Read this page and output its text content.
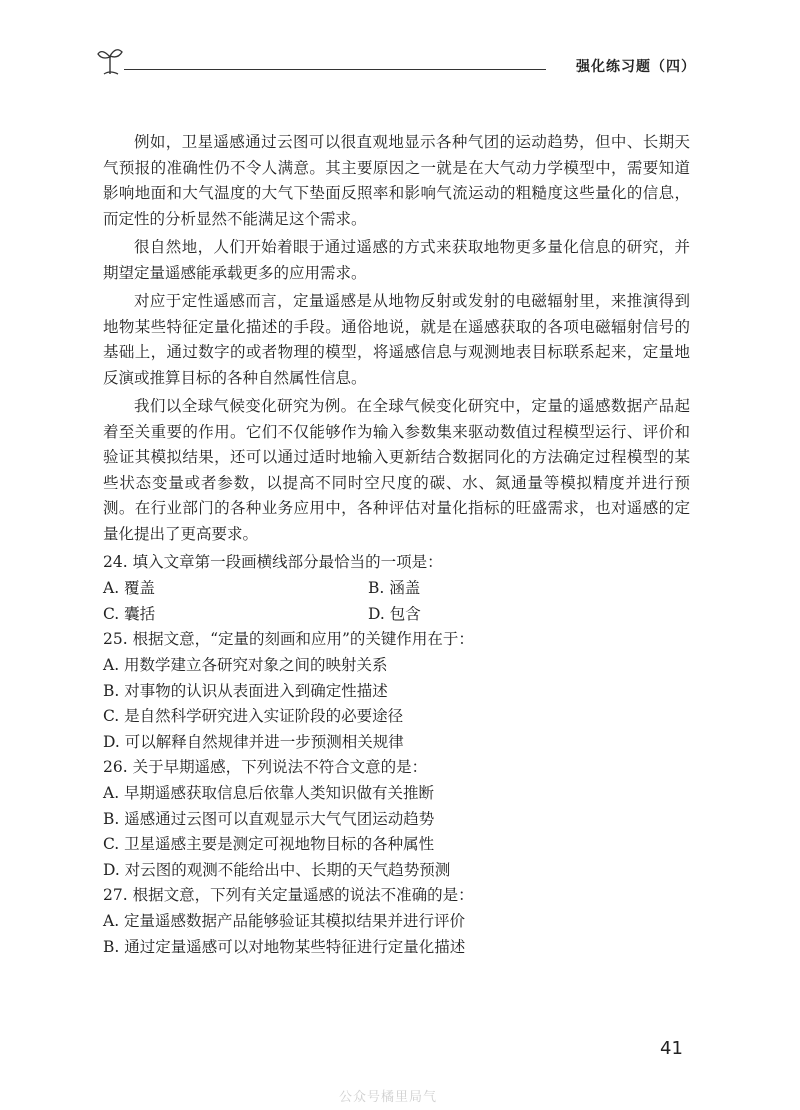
强化练习题（四）

例如，卫星遥感通过云图可以很直观地显示各种气团的运动趋势，但中、长期天气预报的准确性仍不令人满意。其主要原因之一就是在大气动力学模型中，需要知道影响地面和大气温度的大气下垫面反照率和影响气流运动的粗糙度这些量化的信息，而定性的分析显然不能满足这个需求。

很自然地，人们开始着眼于通过遥感的方式来获取地物更多量化信息的研究，并期望定量遥感能承载更多的应用需求。

对应于定性遥感而言，定量遥感是从地物反射或发射的电磁辐射里，来推演得到地物某些特征定量化描述的手段。通俗地说，就是在遥感获取的各项电磁辐射信号的基础上，通过数字的或者物理的模型，将遥感信息与观测地表目标联系起来，定量地反演或推算目标的各种自然属性信息。

我们以全球气候变化研究为例。在全球气候变化研究中，定量的遥感数据产品起着至关重要的作用。它们不仅能够作为输入参数集来驱动数值过程模型运行、评价和验证其模拟结果，还可以通过适时地输入更新结合数据同化的方法确定过程模型的某些状态变量或者参数，以提高不同时空尺度的碳、水、氮通量等模拟精度并进行预测。在行业部门的各种业务应用中，各种评估对量化指标的旺盛需求，也对遥感的定量化提出了更高要求。

24. 填入文章第一段画横线部分最恰当的一项是：
A. 覆盖	B. 涵盖
C. 囊括	D. 包含
25. 根据文意，“定量的刻画和应用”的关键作用在于：
A. 用数学建立各研究对象之间的映射关系
B. 对事物的认识从表面进入到确定性描述
C. 是自然科学研究进入实证阶段的必要途径
D. 可以解释自然规律并进一步预测相关规律
26. 关于早期遥感，下列说法不符合文意的是：
A. 早期遥感获取信息后依靠人类知识做有关推断
B. 遥感通过云图可以直观显示大气气团运动趋势
C. 卫星遥感主要是测定可视地物目标的各种属性
D. 对云图的观测不能给出中、长期的天气趋势预测
27. 根据文意，下列有关定量遥感的说法不准确的是：
A. 定量遥感数据产品能够验证其模拟结果并进行评价
B. 通过定量遥感可以对地物某些特征进行定量化描述
41
公众号橘里局气
